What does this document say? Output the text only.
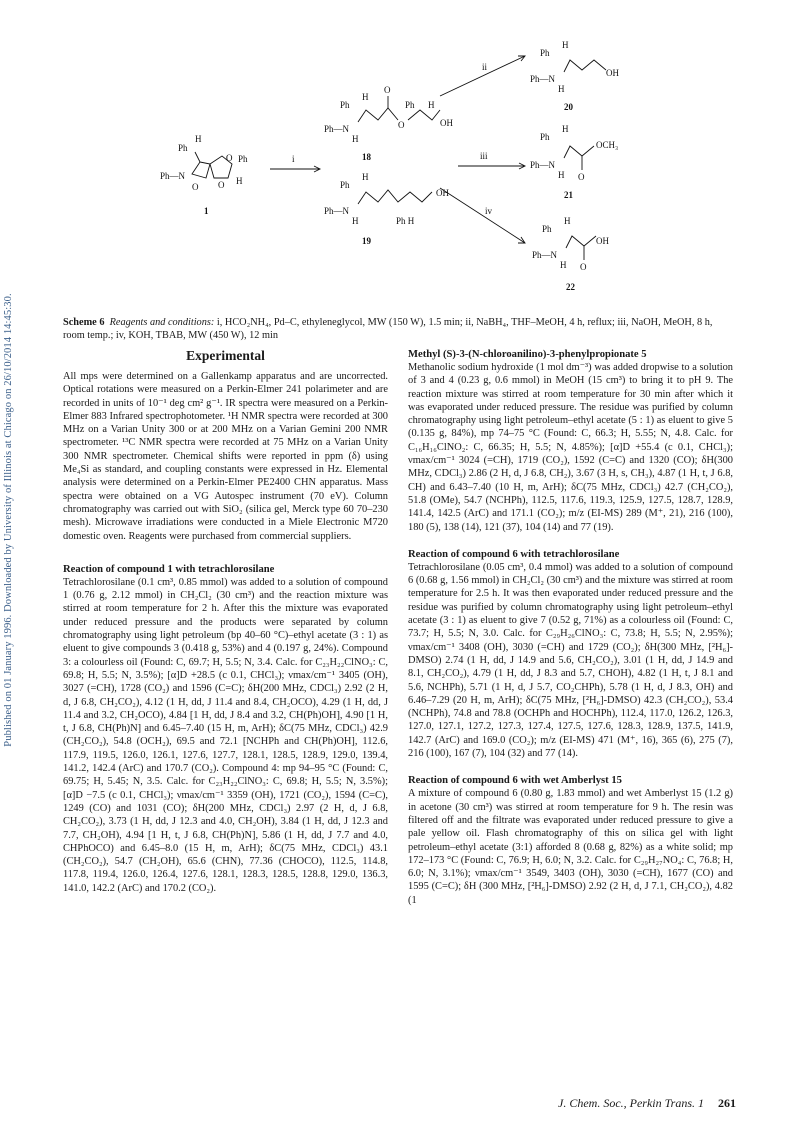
Published on 01 January 1996. Downloaded by University of Illinois at Chicago on 26/10/2014 14:45:30.
Ph
H
Ph—N
O
O
O
Ph
H
1
i
Ph
H
Ph—N
H
O
O
Ph H
OH
18
Ph
H
Ph—N
H
OH
Ph H
19
ii
iii
iv
Ph
H
Ph—N
H
OH
20
Ph
H
Ph—N
H O
OCH₃
21
Ph
H
Ph—N
H O
OH
22
Scheme 6 Reagents and conditions: i, HCO₂NH₄, Pd–C, ethyleneglycol, MW (150 W), 1.5 min; ii, NaBH₄, THF–MeOH, 4 h, reflux; iii, NaOH, MeOH, 8 h, room temp.; iv, KOH, TBAB, MW (450 W), 12 min
Experimental

All mps were determined on a Gallenkamp apparatus and are uncorrected. Optical rotations were measured on a Perkin-Elmer 241 polarimeter and are recorded in units of 10⁻¹ deg cm² g⁻¹. IR spectra were measured on a Perkin-Elmer 883 Infrared spectrophotometer. ¹H NMR spectra were recorded at 300 MHz on a Varian Unity 300 or at 200 MHz on a Varian Gemini 200 NMR spectrometer. ¹³C NMR spectra were recorded at 75 MHz on a Varian Unity 300 NMR spectrometer. Chemical shifts were reported in ppm (δ) using Me₄Si as standard, and coupling constants were expressed in Hz. Elemental analysis were determined on a Perkin-Elmer PE2400 CHN apparatus. Mass spectra were obtained on a VG Autospec instrument (70 eV). Column chromatography was carried out with SiO₂ (silica gel, Merck type 60 70–230 mesh). Microwave irradiations were conducted in a Miele Electronic M720 domestic oven. Reagents were purchased from commercial suppliers.

Reaction of compound 1 with tetrachlorosilane

Tetrachlorosilane (0.1 cm³, 0.85 mmol) was added to a solution of compound 1 (0.76 g, 2.12 mmol) in CH₂Cl₂ (30 cm³) and the reaction mixture was stirred at room temperature for 2 h. After this the mixture was evaporated under reduced pressure and the products were separated by column chromatography using light petroleum (bp 40–60 °C)–ethyl acetate (3 : 1) as eluent to give compounds 3 (0.418 g, 53%) and 4 (0.197 g, 24%). Compound 3: a colourless oil (Found: C, 69.7; H, 5.5; N, 3.4. Calc. for C₂₃H₂₂ClNO₃: C, 69.8; H, 5.5; N, 3.5%); [α]D +28.5 (c 0.1, CHCl₃); νmax/cm⁻¹ 3405 (OH), 3027 (=CH), 1728 (CO₂) and 1596 (C=C); δH(200 MHz, CDCl₃) 2.92 (2 H, d, J 6.8, CH₂CO₂), 4.12 (1 H, dd, J 11.4 and 8.4, CH₂OCO), 4.29 (1 H, dd, J 11.4 and 3.2, CH₂OCO), 4.84 [1 H, dd, J 8.4 and 3.2, CH(Ph)OH], 4.90 [1 H, t, J 6.8, CH(Ph)N] and 6.45–7.40 (15 H, m, ArH); δC(75 MHz, CDCl₃) 42.9 (CH₂CO₂), 54.8 (OCH₂), 69.5 and 72.1 [NCHPh and CH(Ph)OH], 112.6, 117.9, 119.5, 126.0, 126.1, 127.6, 127.7, 128.1, 128.5, 128.9, 129.0, 139.4, 141.2, 142.4 (ArC) and 170.7 (CO₂). Compound 4: mp 94–95 °C (Found: C, 69.75; H, 5.45; N, 3.5. Calc. for C₂₃H₂₂ClNO₃: C, 69.8; H, 5.5; N, 3.5%); [α]D −7.5 (c 0.1, CHCl₃); νmax/cm⁻¹ 3359 (OH), 1721 (CO₂), 1594 (C=C), 1249 (CO) and 1031 (CO); δH(200 MHz, CDCl₃) 2.97 (2 H, d, J 6.8, CH₂CO₂), 3.73 (1 H, dd, J 12.3 and 4.0, CH₂OH), 3.84 (1 H, dd, J 12.3 and 7.7, CH₂OH), 4.94 [1 H, t, J 6.8, CH(Ph)N], 5.86 (1 H, dd, J 7.7 and 4.0, CHPhOCO) and 6.45–8.0 (15 H, m, ArH); δC(75 MHz, CDCl₃) 43.1 (CH₂CO₂), 54.7 (CH₂OH), 65.6 (CHN), 77.36 (CHOCO), 112.5, 114.8, 117.8, 119.4, 126.0, 126.4, 127.6, 128.1, 128.3, 128.5, 128.8, 129.0, 136.3, 141.0, 142.2 (ArC) and 170.2 (CO₂).

Methyl (S)-3-(N-chloroanilino)-3-phenylpropionate 5

Methanolic sodium hydroxide (1 mol dm⁻³) was added dropwise to a solution of 3 and 4 (0.23 g, 0.6 mmol) in MeOH (15 cm³) to bring it to pH 9. The reaction mixture was stirred at room temperature for 30 min after which it was evaporated under reduced pressure. The residue was purified by column chromatography using light petroleum–ethyl acetate (5 : 1) as eluent to give 5 (0.135 g, 84%), mp 74–75 °C (Found: C, 66.3; H, 5.55; N, 4.8. Calc. for C₁₆H₁₆ClNO₂: C, 66.35; H, 5.5; N, 4.85%); [α]D +55.4 (c 0.1, CHCl₃); νmax/cm⁻¹ 3024 (=CH), 1719 (CO₂), 1592 (C=C) and 1320 (CO); δH(300 MHz, CDCl₃) 2.86 (2 H, d, J 6.8, CH₂), 3.67 (3 H, s, CH₃), 4.87 (1 H, t, J 6.8, CH) and 6.43–7.40 (10 H, m, ArH); δC(75 MHz, CDCl₃) 42.7 (CH₂CO₂), 51.8 (OMe), 54.7 (NCHPh), 112.5, 117.6, 119.3, 125.9, 127.5, 128.7, 128.9, 141.4, 142.5 (ArC) and 171.1 (CO₂); m/z (EI-MS) 289 (M⁺, 21), 216 (100), 180 (5), 138 (14), 121 (37), 104 (14) and 77 (19).

Reaction of compound 6 with tetrachlorosilane

Tetrachlorosilane (0.05 cm³, 0.4 mmol) was added to a solution of compound 6 (0.68 g, 1.56 mmol) in CH₂Cl₂ (30 cm³) and the mixture was stirred at room temperature for 2.5 h. It was then evaporated under reduced pressure and the residue was purified by column chromatography using light petroleum–ethyl acetate (3 : 1) as eluent to give 7 (0.52 g, 71%) as a colourless oil (Found: C, 73.7; H, 5.5; N, 3.0. Calc. for C₂₉H₂₆ClNO₃: C, 73.8; H, 5.5; N, 2.95%); νmax/cm⁻¹ 3408 (OH), 3030 (=CH) and 1729 (CO₂); δH(300 MHz, [²H₆]-DMSO) 2.74 (1 H, dd, J 14.9 and 5.6, CH₂CO₂), 3.01 (1 H, dd, J 14.9 and 8.1, CH₂CO₂), 4.79 (1 H, dd, J 8.3 and 5.7, CHOH), 4.82 (1 H, t, J 8.1 and 5.6, NCHPh), 5.71 (1 H, d, J 5.7, CO₂CHPh), 5.78 (1 H, d, J 8.3, OH) and 6.46–7.29 (20 H, m, ArH); δC(75 MHz, [²H₆]-DMSO) 42.3 (CH₂CO₂), 53.4 (NCHPh), 74.8 and 78.8 (OCHPh and HOCHPh), 112.4, 117.0, 126.2, 126.3, 127.0, 127.1, 127.2, 127.3, 127.4, 127.5, 127.6, 128.3, 128.9, 137.5, 141.9, 142.7 (ArC) and 169.0 (CO₂); m/z (EI-MS) 471 (M⁺, 16), 365 (6), 275 (7), 216 (100), 167 (7), 104 (32) and 77 (14).

Reaction of compound 6 with wet Amberlyst 15

A mixture of compound 6 (0.80 g, 1.83 mmol) and wet Amberlyst 15 (1.2 g) in acetone (30 cm³) was stirred at room temperature for 9 h. The resin was filtered off and the filtrate was evaporated under reduced pressure to give a pale yellow oil. Flash chromatography of this on silica gel with light petroleum–ethyl acetate (3:1) afforded 8 (0.68 g, 82%) as a white solid; mp 172–173 °C (Found: C, 76.9; H, 6.0; N, 3.2. Calc. for C₂₉H₂₇NO₄: C, 76.8; H, 6.0; N, 3.1%); νmax/cm⁻¹ 3549, 3403 (OH), 3030 (=CH), 1677 (CO) and 1595 (C=C); δH (300 MHz, [²H₆]-DMSO) 2.92 (2 H, d, J 7.1, CH₂CO₂), 4.82 (1

J. Chem. Soc., Perkin Trans. 1 261
